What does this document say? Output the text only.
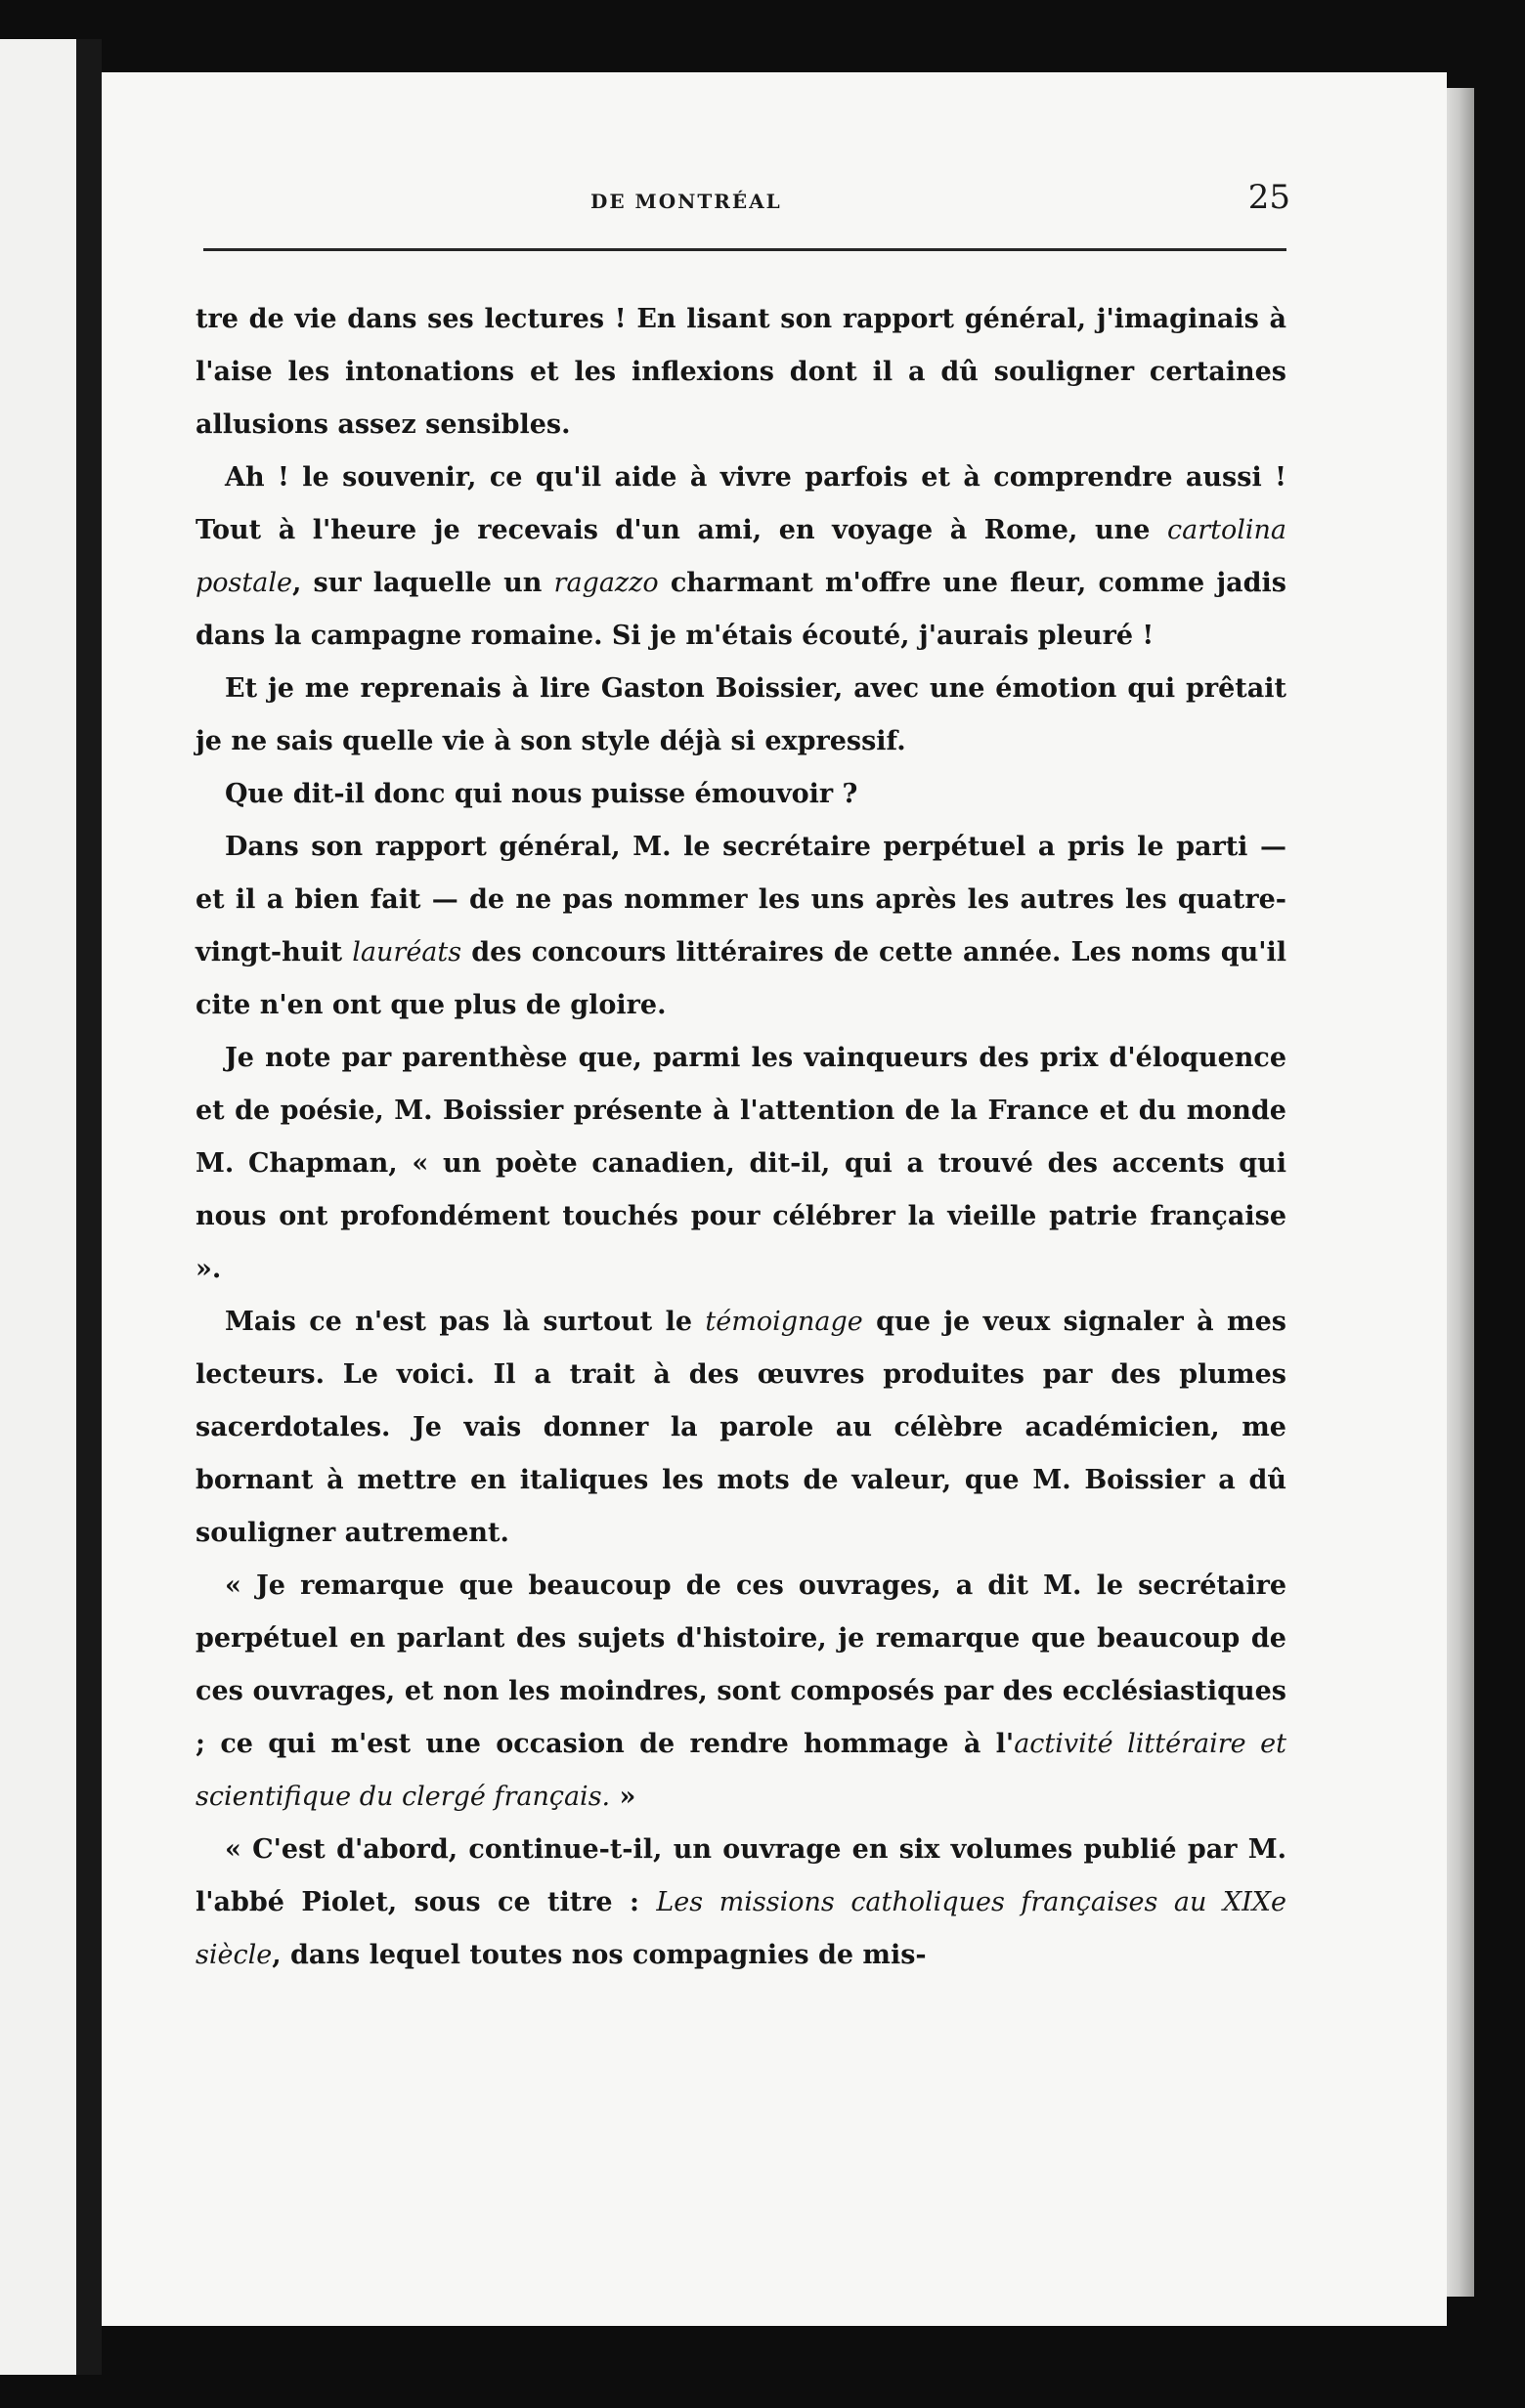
DE MONTRÉAL	25

tre de vie dans ses lectures ! En lisant son rapport général, j'imaginais à l'aise les intonations et les inflexions dont il a dû souligner certaines allusions assez sensibles.

Ah ! le souvenir, ce qu'il aide à vivre parfois et à comprendre aussi ! Tout à l'heure je recevais d'un ami, en voyage à Rome, une cartolina postale, sur laquelle un ragazzo charmant m'offre une fleur, comme jadis dans la campagne romaine. Si je m'étais écouté, j'aurais pleuré !

Et je me reprenais à lire Gaston Boissier, avec une émotion qui prêtait je ne sais quelle vie à son style déjà si expressif.

Que dit-il donc qui nous puisse émouvoir ?

Dans son rapport général, M. le secrétaire perpétuel a pris le parti — et il a bien fait — de ne pas nommer les uns après les autres les quatre-vingt-huit lauréats des concours littéraires de cette année. Les noms qu'il cite n'en ont que plus de gloire.

Je note par parenthèse que, parmi les vainqueurs des prix d'éloquence et de poésie, M. Boissier présente à l'attention de la France et du monde M. Chapman, « un poète canadien, dit-il, qui a trouvé des accents qui nous ont profondément touchés pour célébrer la vieille patrie française ».

Mais ce n'est pas là surtout le témoignage que je veux signaler à mes lecteurs. Le voici. Il a trait à des œuvres produites par des plumes sacerdotales. Je vais donner la parole au célèbre académicien, me bornant à mettre en italiques les mots de valeur, que M. Boissier a dû souligner autrement.

« Je remarque que beaucoup de ces ouvrages, a dit M. le secrétaire perpétuel en parlant des sujets d'histoire, je remarque que beaucoup de ces ouvrages, et non les moindres, sont composés par des ecclésiastiques ; ce qui m'est une occasion de rendre hommage à l'activité littéraire et scientifique du clergé français. »

« C'est d'abord, continue-t-il, un ouvrage en six volumes publié par M. l'abbé Piolet, sous ce titre : Les missions catholiques françaises au XIXe siècle, dans lequel toutes nos compagnies de mis-
